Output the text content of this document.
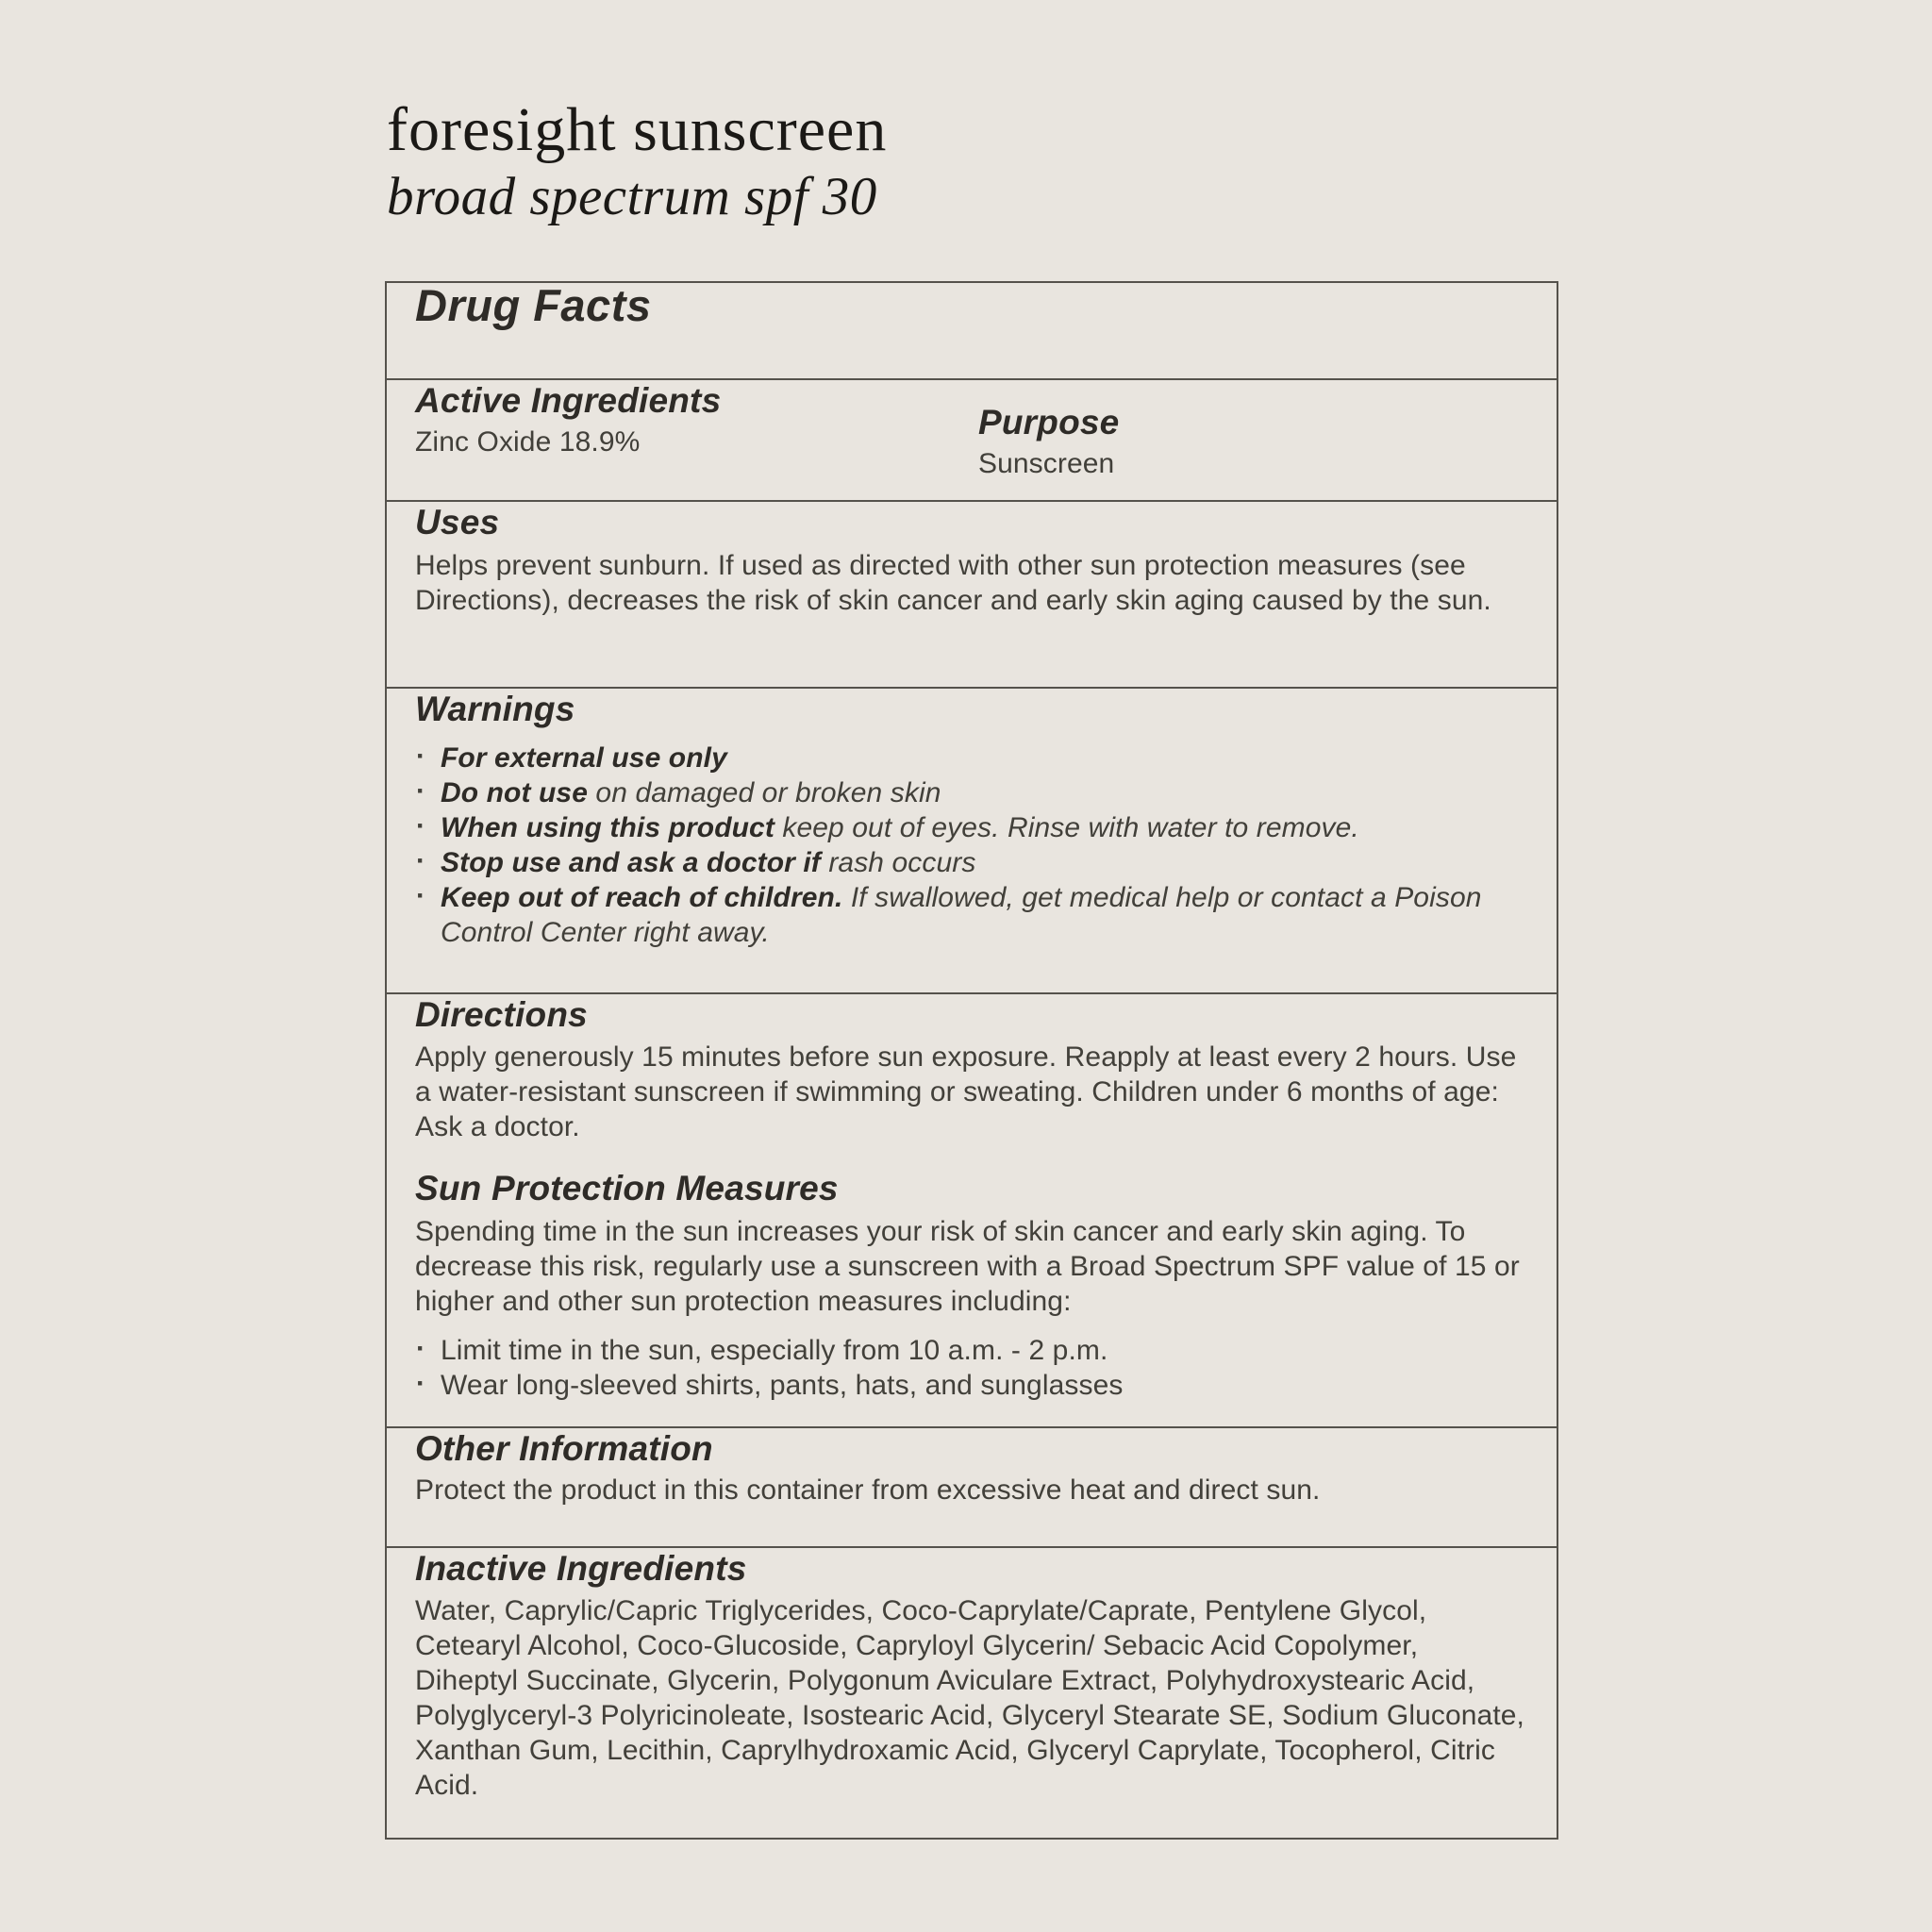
foresight sunscreen
broad spectrum spf 30
Drug Facts
Active Ingredients

Zinc Oxide 18.9%

Purpose

Sunscreen

Uses

Helps prevent sunburn. If used as directed with other sun protection measures (see Directions), decreases the risk of skin cancer and early skin aging caused by the sun.

Warnings
· For external use only
· Do not use on damaged or broken skin
· When using this product keep out of eyes. Rinse with water to remove.
· Stop use and ask a doctor if rash occurs
· Keep out of reach of children. If swallowed, get medical help or contact a Poison Control Center right away.
Directions

Apply generously 15 minutes before sun exposure. Reapply at least every 2 hours. Use a water-resistant sunscreen if swimming or sweating. Children under 6 months of age: Ask a doctor.

Sun Protection Measures

Spending time in the sun increases your risk of skin cancer and early skin aging. To decrease this risk, regularly use a sunscreen with a Broad Spectrum SPF value of 15 or higher and other sun protection measures including:

· Limit time in the sun, especially from 10 a.m. - 2 p.m.
· Wear long-sleeved shirts, pants, hats, and sunglasses
Other Information

Protect the product in this container from excessive heat and direct sun.

Inactive Ingredients

Water, Caprylic/Capric Triglycerides, Coco-Caprylate/Caprate, Pentylene Glycol, Cetearyl Alcohol, Coco-Glucoside, Capryloyl Glycerin/ Sebacic Acid Copolymer, Diheptyl Succinate, Glycerin, Polygonum Aviculare Extract, Polyhydroxystearic Acid, Polyglyceryl-3 Polyricinoleate, Isostearic Acid, Glyceryl Stearate SE, Sodium Gluconate, Xanthan Gum, Lecithin, Caprylhydroxamic Acid, Glyceryl Caprylate, Tocopherol, Citric Acid.
